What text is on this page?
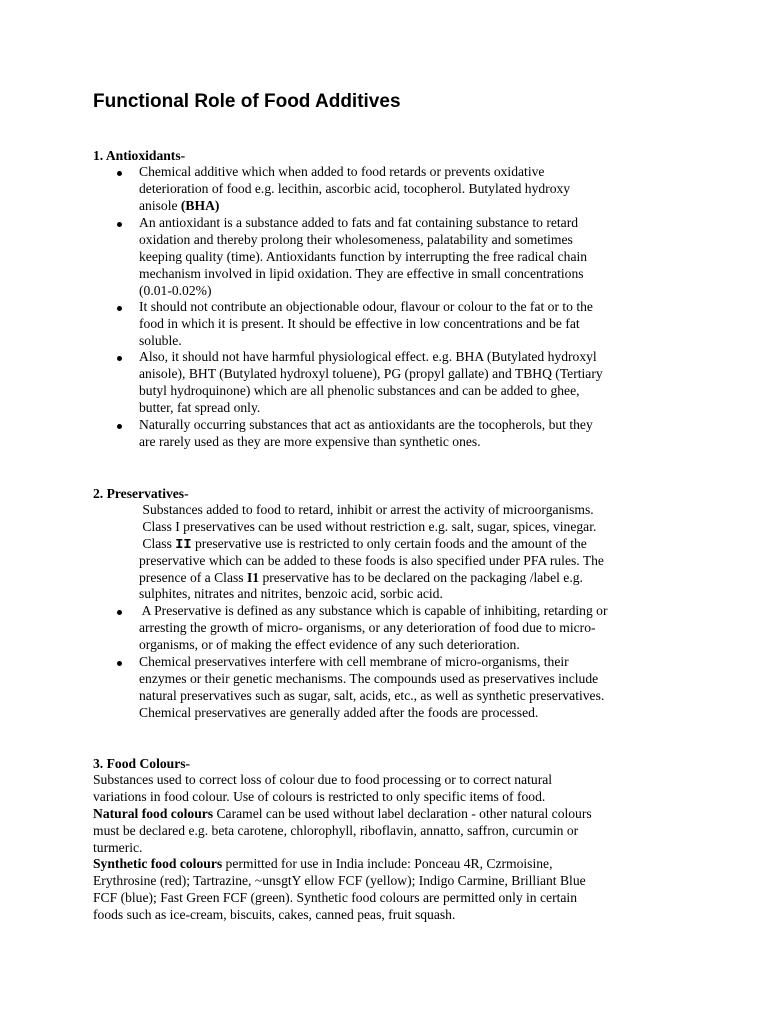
Functional Role of Food Additives
1. Antioxidants-
Chemical additive which when added to food retards or prevents oxidative
deterioration of food e.g. lecithin, ascorbic acid, tocopherol. Butylated hydroxy
anisole (BHA)
An antioxidant is a substance added to fats and fat containing substance to retard
oxidation and thereby prolong their wholesomeness, palatability and sometimes
keeping quality (time). Antioxidants function by interrupting the free radical chain
mechanism involved in lipid oxidation. They are effective in small concentrations
(0.01-0.02%)
It should not contribute an objectionable odour, flavour or colour to the fat or to the
food in which it is present. It should be effective in low concentrations and be fat
soluble.
Also, it should not have harmful physiological effect. e.g. BHA (Butylated hydroxyl
anisole), BHT (Butylated hydroxyl toluene), PG (propyl gallate) and TBHQ (Tertiary
butyl hydroquinone) which are all phenolic substances and can be added to ghee,
butter, fat spread only.
Naturally occurring substances that act as antioxidants are the tocopherols, but they
are rarely used as they are more expensive than synthetic ones.
2. Preservatives-
Substances added to food to retard, inhibit or arrest the activity of microorganisms.
Class I preservatives can be used without restriction e.g. salt, sugar, spices, vinegar.
Class II preservative use is restricted to only certain foods and the amount of the
preservative which can be added to these foods is also specified under PFA rules. The
presence of a Class I1 preservative has to be declared on the packaging /label e.g.
sulphites, nitrates and nitrites, benzoic acid, sorbic acid.
A Preservative is defined as any substance which is capable of inhibiting, retarding or
arresting the growth of micro- organisms, or any deterioration of food due to micro-
organisms, or of making the effect evidence of any such deterioration.
Chemical preservatives interfere with cell membrane of micro-organisms, their
enzymes or their genetic mechanisms. The compounds used as preservatives include
natural preservatives such as sugar, salt, acids, etc., as well as synthetic preservatives.
Chemical preservatives are generally added after the foods are processed.
3. Food Colours-
Substances used to correct loss of colour due to food processing or to correct natural
variations in food colour. Use of colours is restricted to only specific items of food.
Natural food colours Caramel can be used without label declaration - other natural colours
must be declared e.g. beta carotene, chlorophyll, riboflavin, annatto, saffron, curcumin or
turmeric.
Synthetic food colours permitted for use in India include: Ponceau 4R, Czrmoisine,
Erythrosine (red); Tartrazine, ~unsgtY ellow FCF (yellow); Indigo Carmine, Brilliant Blue
FCF (blue); Fast Green FCF (green). Synthetic food colours are permitted only in certain
foods such as ice-cream, biscuits, cakes, canned peas, fruit squash.
